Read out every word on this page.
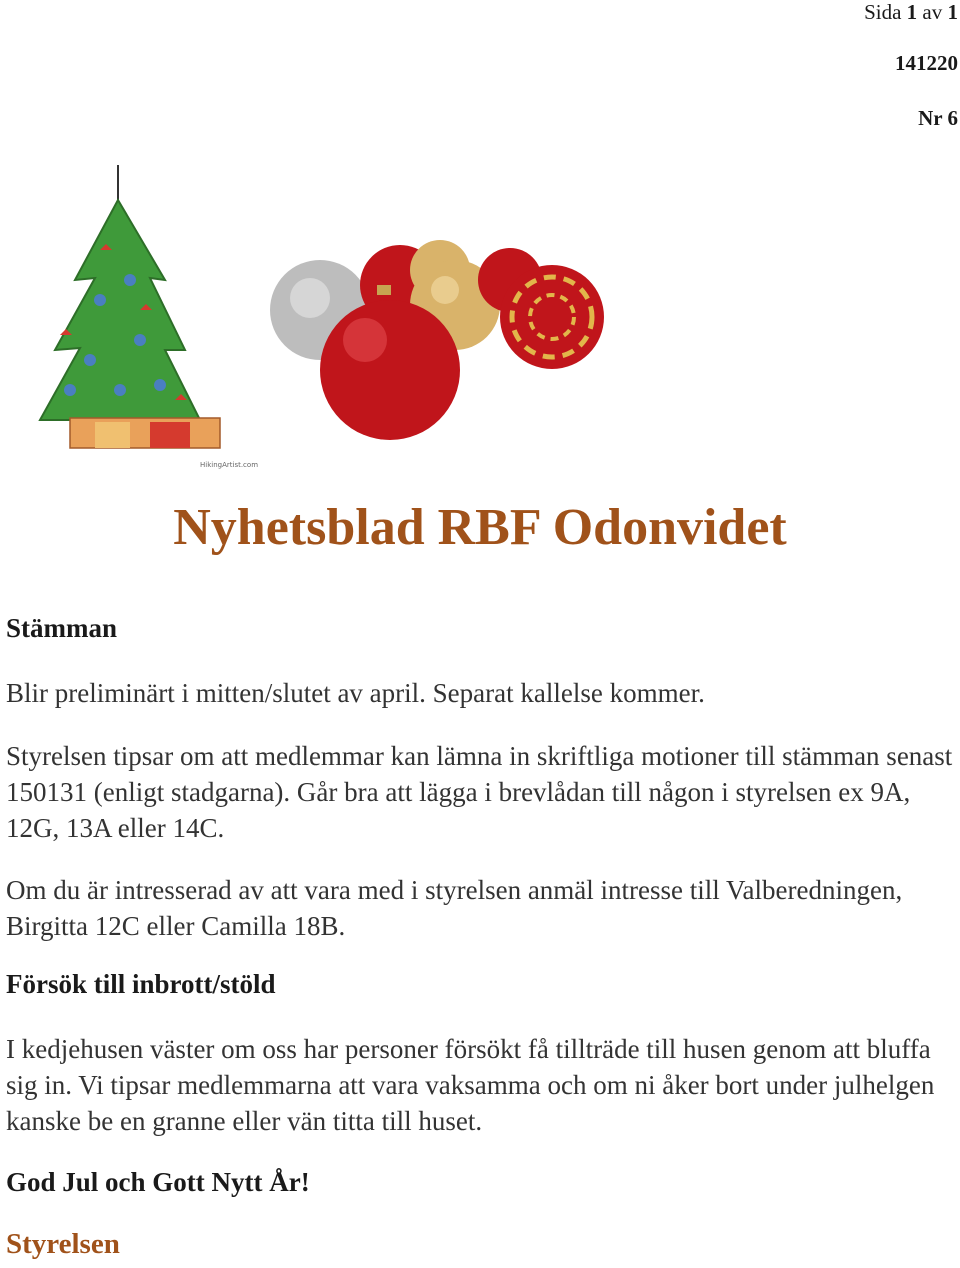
Sida 1 av 1
141220
Nr 6
HikingArtist.com
Nyhetsblad RBF Odonvidet
Stämman
Blir preliminärt i mitten/slutet av april. Separat kallelse kommer.
Styrelsen tipsar om att medlemmar kan lämna in skriftliga motioner till stämman senast 150131 (enligt stadgarna). Går bra att lägga i brevlådan till någon i styrelsen ex 9A, 12G, 13A eller 14C.
Om du är intresserad av att vara med i styrelsen anmäl intresse till Valberedningen, Birgitta 12C eller Camilla 18B.
Försök till inbrott/stöld
I kedjehusen väster om oss har personer försökt få tillträde till husen genom att bluffa sig in. Vi tipsar medlemmarna att vara vaksamma och om ni åker bort under julhelgen kanske be en granne eller vän titta till huset.
God Jul och Gott Nytt År!
Styrelsen
